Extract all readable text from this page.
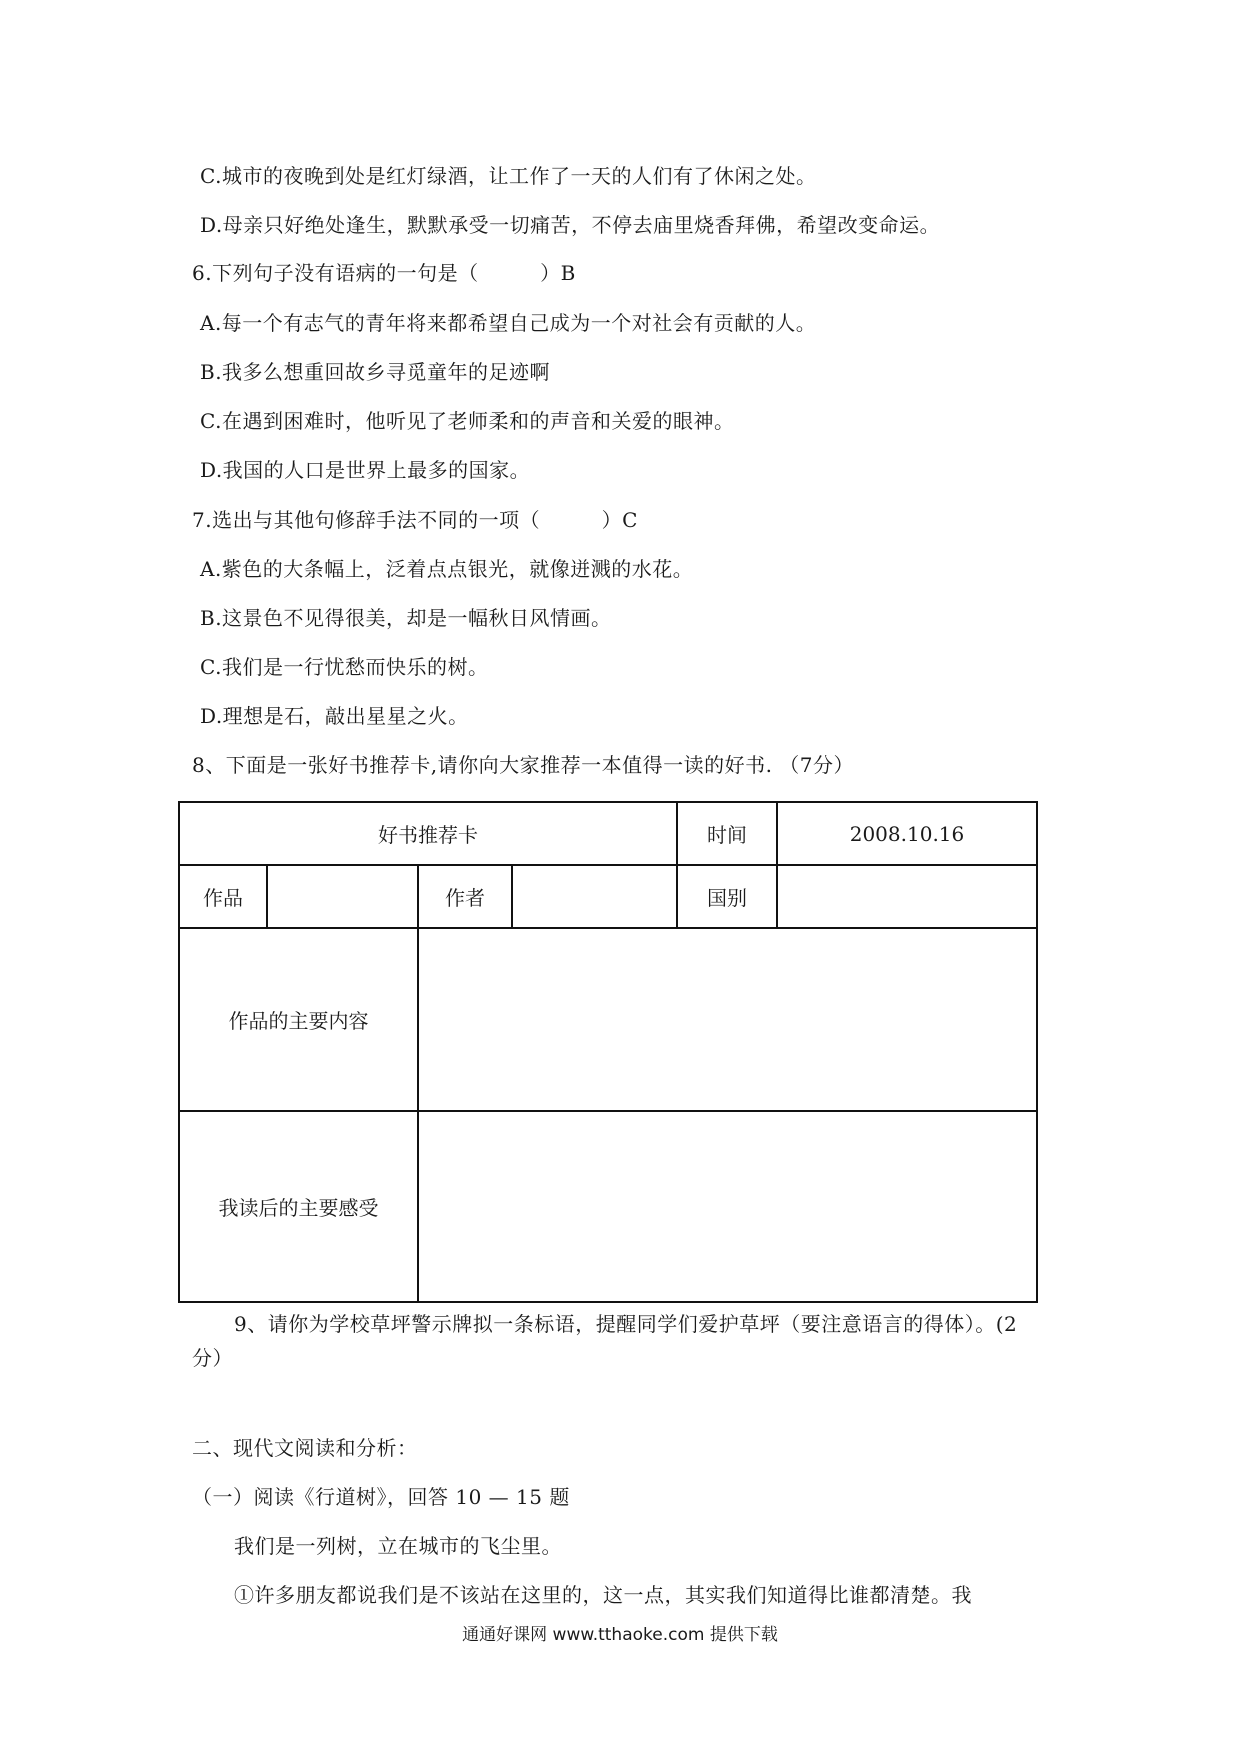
C.城市的夜晚到处是红灯绿酒，让工作了一天的人们有了休闲之处。
D.母亲只好绝处逢生，默默承受一切痛苦，不停去庙里烧香拜佛，希望改变命运。
6.下列句子没有语病的一句是（　　　）B
A.每一个有志气的青年将来都希望自己成为一个对社会有贡献的人。
B.我多么想重回故乡寻觅童年的足迹啊
C.在遇到困难时，他听见了老师柔和的声音和关爱的眼神。
D.我国的人口是世界上最多的国家。
7.选出与其他句修辞手法不同的一项（　　　）C
A.紫色的大条幅上，泛着点点银光，就像迸溅的水花。
B.这景色不见得很美，却是一幅秋日风情画。
C.我们是一行忧愁而快乐的树。
D.理想是石，敲出星星之火。
8、下面是一张好书推荐卡,请你向大家推荐一本值得一读的好书. （7分）
好书推荐卡				时间	2008.10.16
作品		作者		国别	
作品的主要内容					
我读后的主要感受					
9、请你为学校草坪警示牌拟一条标语，提醒同学们爱护草坪（要注意语言的得体）。(2
分）
二、现代文阅读和分析：
（一）阅读《行道树》，回答 10 — 15 题
我们是一列树，立在城市的飞尘里。
①许多朋友都说我们是不该站在这里的，这一点，其实我们知道得比谁都清楚。我
通通好课网 www.tthaoke.com 提供下载
